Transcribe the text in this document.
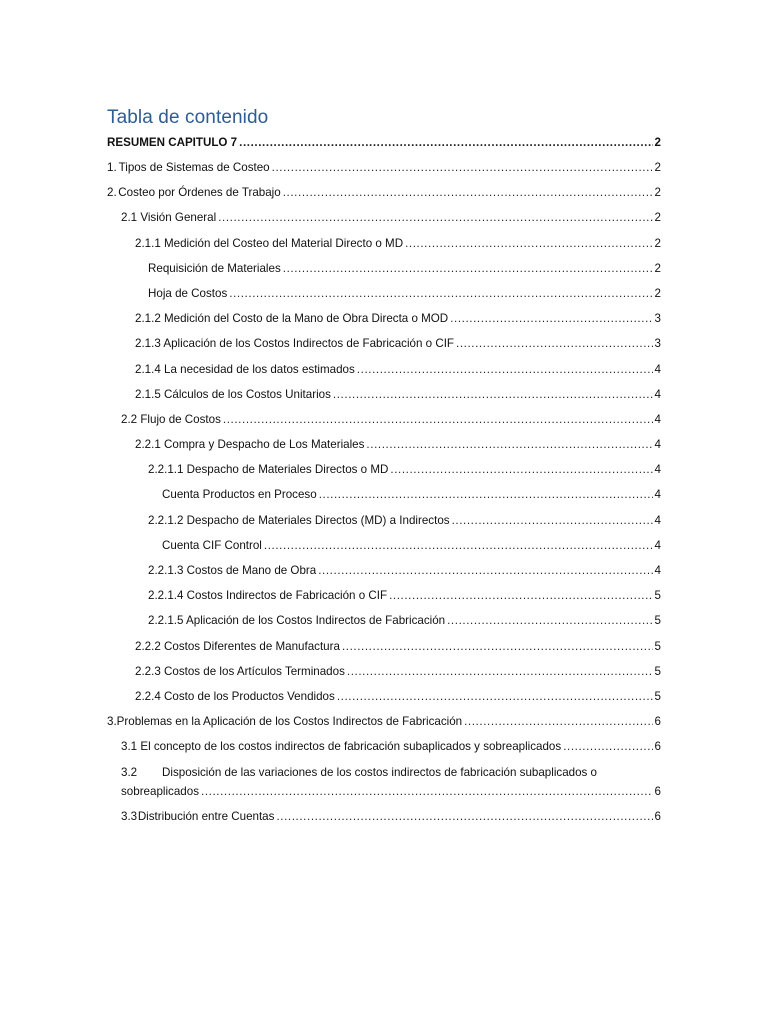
Tabla de contenido
RESUMEN CAPITULO 7 .....	2
1. Tipos de Sistemas de Costeo .....	2
2. Costeo por Órdenes de Trabajo .....	2
2.1 Visión General .....	2
2.1.1 Medición del Costeo del Material Directo o MD .....	2
Requisición de Materiales .....	2
Hoja de Costos .....	2
2.1.2 Medición del Costo de la Mano de Obra Directa o MOD .....	3
2.1.3 Aplicación de los Costos Indirectos de Fabricación o CIF .....	3
2.1.4 La necesidad de los datos estimados .....	4
2.1.5 Cálculos de los Costos Unitarios .....	4
2.2 Flujo de Costos .....	4
2.2.1 Compra y Despacho de Los Materiales .....	4
2.2.1.1 Despacho de Materiales Directos o MD .....	4
Cuenta Productos en Proceso .....	4
2.2.1.2 Despacho de Materiales Directos (MD) a Indirectos .....	4
Cuenta CIF Control .....	4
2.2.1.3 Costos de Mano de Obra .....	4
2.2.1.4 Costos Indirectos de Fabricación o CIF .....	5
2.2.1.5 Aplicación de los Costos Indirectos de Fabricación .....	5
2.2.2 Costos Diferentes de Manufactura .....	5
2.2.3 Costos de los Artículos Terminados .....	5
2.2.4 Costo de los Productos Vendidos .....	5
3. Problemas en la Aplicación de los Costos Indirectos de Fabricación .....	6
3.1 El concepto de los costos indirectos de fabricación subaplicados y sobreaplicados .....	6
3.2 Disposición de las variaciones de los costos indirectos de fabricación subaplicados o
sobreaplicados .....	6
3.3 Distribución entre Cuentas .....	6
